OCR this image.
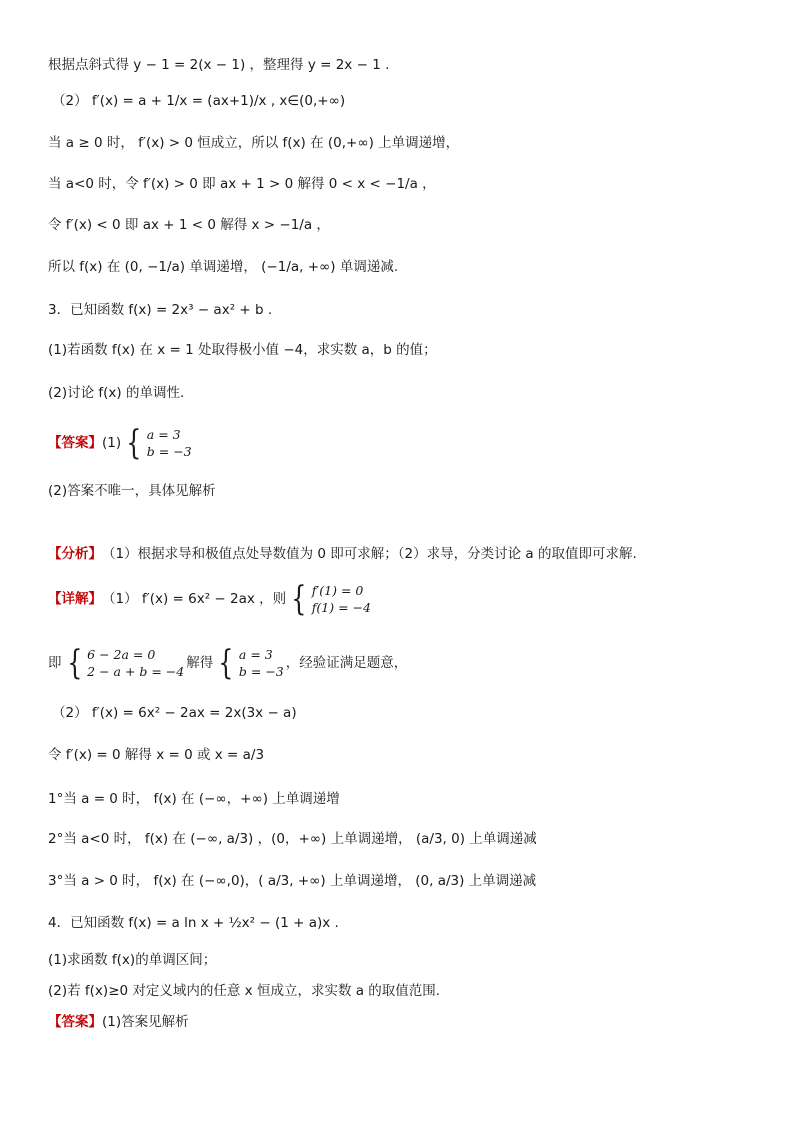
根据点斜式得 y − 1 = 2(x − 1) ，整理得 y = 2x − 1 .
（2） f′(x) = a + 1/x = (ax+1)/x , x∈(0,+∞)
当 a ≥ 0 时， f′(x) > 0 恒成立，所以 f(x) 在 (0,+∞) 上单调递增，
当 a<0 时，令 f′(x) > 0 即 ax + 1 > 0 解得 0 < x < −1/a ，
令 f′(x) < 0 即 ax + 1 < 0 解得 x > −1/a ，
所以 f(x) 在 (0, −1/a) 单调递增， (−1/a, +∞) 单调递减.
3．已知函数 f(x) = 2x³ − ax² + b .
(1)若函数 f(x) 在 x = 1 处取得极小值 −4，求实数 a，b 的值；
(2)讨论 f(x) 的单调性.
【答案】 (1) { a = 3
b = −3
(2)答案不唯一，具体见解析
【分析】 （1）根据求导和极值点处导数值为 0 即可求解；（2）求导，分类讨论 a 的取值即可求解.
【详解】 （1） f′(x) = 6x² − 2ax ，则 { f′(1) = 0
f(1) = −4
即 { 6 − 2a = 0
2 − a + b = −4
解得 { a = 3
b = −3
，经验证满足题意，
（2） f′(x) = 6x² − 2ax = 2x(3x − a)
令 f′(x) = 0 解得 x = 0 或 x = a/3
1°当 a = 0 时， f(x) 在 (−∞，+∞) 上单调递增
2°当 a<0 时， f(x) 在 (−∞, a/3) ，(0，+∞) 上单调递增， (a/3, 0) 上单调递减
3°当 a > 0 时， f(x) 在 (−∞,0)，( a/3, +∞) 上单调递增， (0, a/3) 上单调递减
4．已知函数 f(x) = a ln x + ½x² − (1 + a)x .
(1)求函数 f(x)的单调区间；
(2)若 f(x)≥0 对定义域内的任意 x 恒成立，求实数 a 的取值范围.
【答案】 (1)答案见解析
